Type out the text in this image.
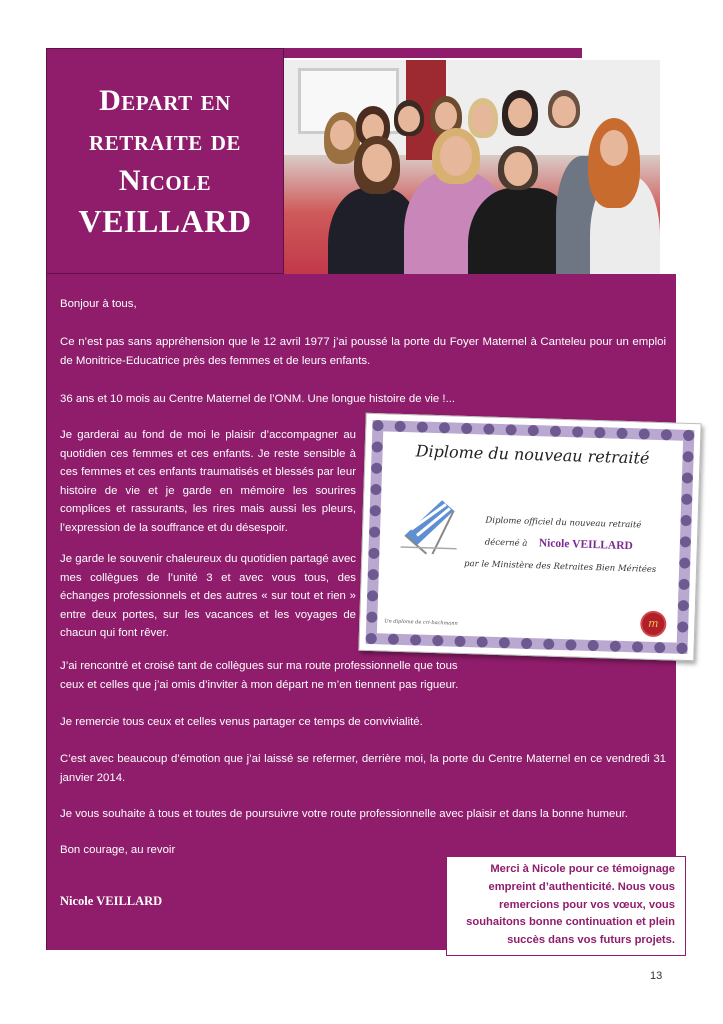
Depart en
retraite de
Nicole
VEILLARD

Bonjour à tous,

Ce n’est pas sans appréhension que le 12 avril 1977 j’ai poussé la porte du Foyer Maternel à Canteleu pour un emploi de Monitrice-Educatrice près des femmes et de leurs enfants.

36 ans et 10 mois au Centre Maternel de l’ONM. Une longue histoire de vie !...

Je garderai au fond de moi le plaisir d’accompagner au quotidien ces femmes et ces enfants. Je reste sensible à ces femmes et ces enfants traumatisés et blessés par leur histoire de vie et je garde en mémoire les sourires complices et rassurants, les rires mais aussi les pleurs, l’expression de la souffrance et du désespoir.

Je garde le souvenir chaleureux du quotidien partagé avec mes collègues de l’unité 3 et avec vous tous, des échanges professionnels et des autres « sur tout et rien » entre deux portes, sur les vacances et les voyages de chacun qui font rêver.

J’ai rencontré et croisé tant de collègues sur ma route professionnelle que tous ceux et celles que j’ai omis d’inviter à mon départ ne m’en tiennent pas rigueur.

Je remercie tous ceux et celles venus partager ce temps de convivialité.

C’est avec beaucoup d’émotion que j’ai laissé se refermer, derrière moi, la porte du Centre Maternel en ce vendredi 31 janvier 2014.

Je vous souhaite à tous et toutes de poursuivre votre route professionnelle avec plaisir et dans la bonne humeur.

Bon courage, au revoir

Nicole VEILLARD
Diplome du nouveau retraité
Diplome officiel du nouveau retraité
décerné à Nicole VEILLARD
par le Ministère des Retraites Bien Méritées
Un diplome de cri-bachmann	m
Merci à Nicole pour ce témoignage empreint d’authenticité. Nous vous remercions pour vos vœux, vous souhaitons bonne continuation et plein succès dans vos futurs projets.
13
